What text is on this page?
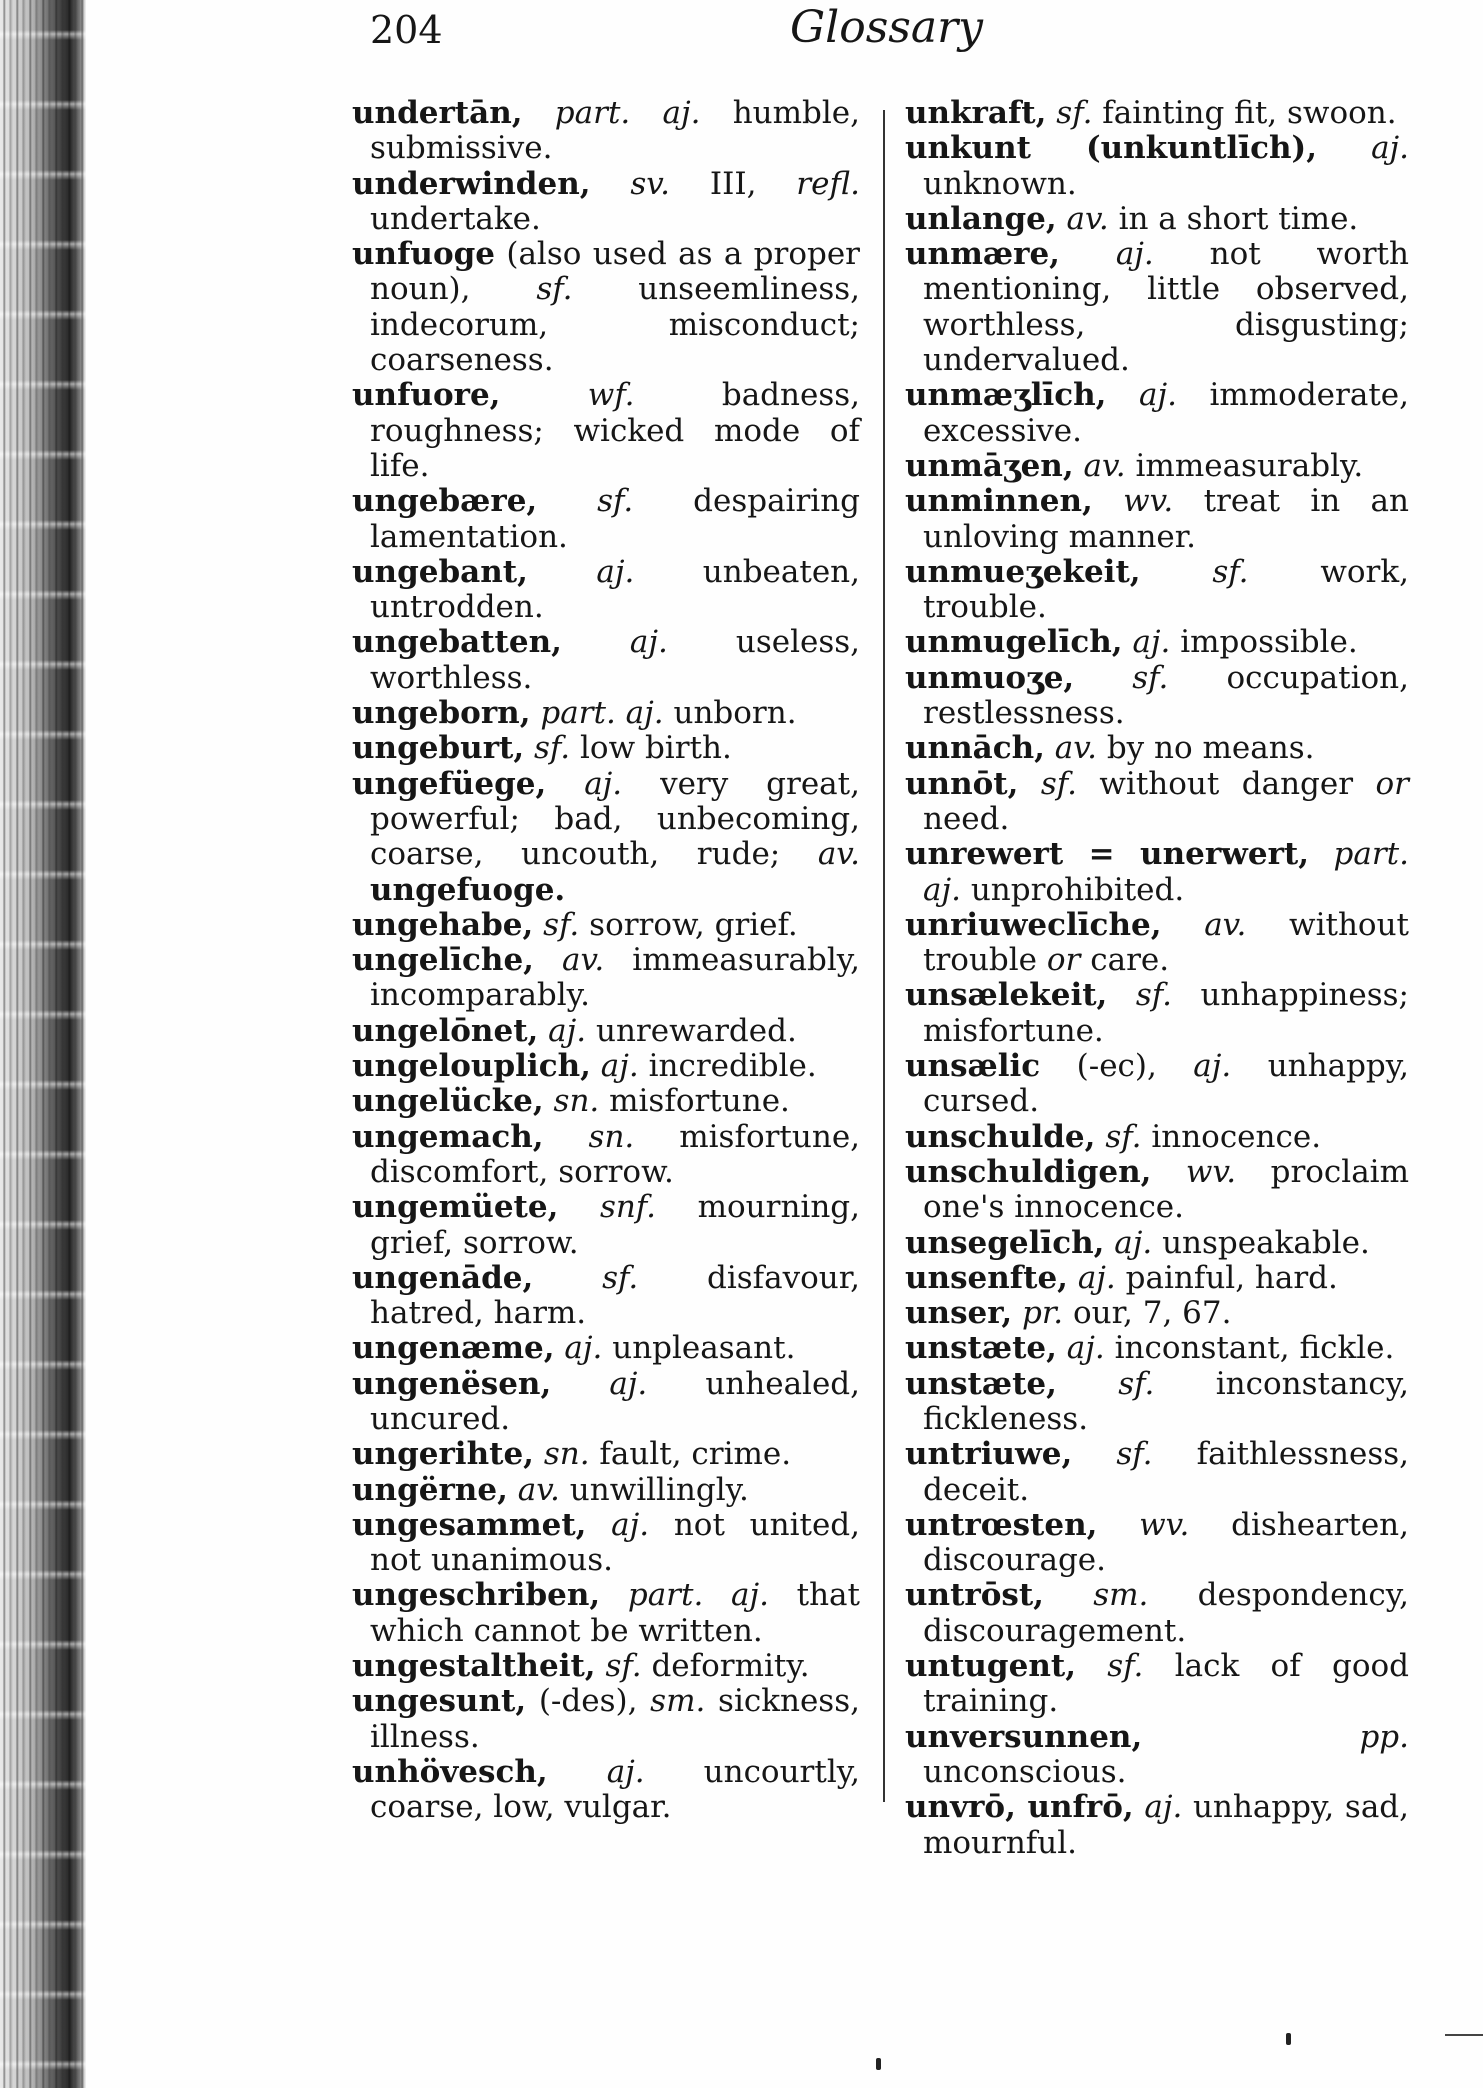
204	Glossary

undertān, part. aj. humble, submissive.

underwinden, sv. III, refl. undertake.

unfuoge (also used as a proper noun), sf. unseemliness, indecorum, misconduct; coarseness.

unfuore,	wf.	badness, roughness; wicked mode of life.

ungebære, sf. despairing lamentation.

ungebant, aj. unbeaten, untrodden.

ungebatten, aj. useless, worthless.

ungeborn, part. aj. unborn.

ungeburt, sf. low birth.

ungefüege, aj. very great, powerful; bad, unbecoming, coarse, uncouth, rude; av. ungefuoge.

ungehabe, sf. sorrow, grief.

ungelīche, av. immeasurably, incomparably.

ungelōnet, aj. unrewarded.

ungelouplich, aj. incredible.

ungelücke, sn. misfortune.

ungemach, sn. misfortune, discomfort, sorrow.

ungemüete, snf. mourning, grief, sorrow.

ungenāde, sf. disfavour, hatred, harm.

ungenæme, aj. unpleasant.

ungenësen, aj. unhealed, uncured.

ungerihte, sn. fault, crime.

ungërne, av. unwillingly.

ungesammet, aj. not united, not unanimous.

ungeschriben, part. aj. that which cannot be written.

ungestaltheit, sf. deformity.

ungesunt, (-des), sm. sickness, illness.

unhövesch, aj. uncourtly, coarse, low, vulgar.

unkraft, sf. fainting fit, swoon.

unkunt (unkuntlīch), aj. unknown.

unlange, av. in a short time.

unmære, aj. not worth mentioning, little observed, worthless, disgusting; undervalued.

unmæʒlīch, aj. immoderate, excessive.

unmāʒen, av. immeasurably.

unminnen, wv. treat in an unloving manner.

unmueʒekeit, sf. work, trouble.

unmugelīch, aj. impossible.

unmuoʒe, sf. occupation, restlessness.

unnāch, av. by no means.

unnōt, sf. without danger or need.

unrewert = unerwert, part. aj. unprohibited.

unriuweclīche, av. without trouble or care.

unsælekeit, sf. unhappiness; misfortune.

unsælic (-ec), aj. unhappy, cursed.

unschulde, sf. innocence.

unschuldigen, wv. proclaim one's innocence.

unsegelīch, aj. unspeakable.

unsenfte, aj. painful, hard.

unser, pr. our, 7, 67.

unstæte, aj. inconstant, fickle.

unstæte, sf. inconstancy, fickleness.

untriuwe, sf. faithlessness, deceit.

untrœsten, wv. dishearten, discourage.

untrōst, sm. despondency, discouragement.

untugent, sf. lack of good training.

unversunnen,	pp. unconscious.

unvrō, unfrō, aj. unhappy, sad, mournful.
